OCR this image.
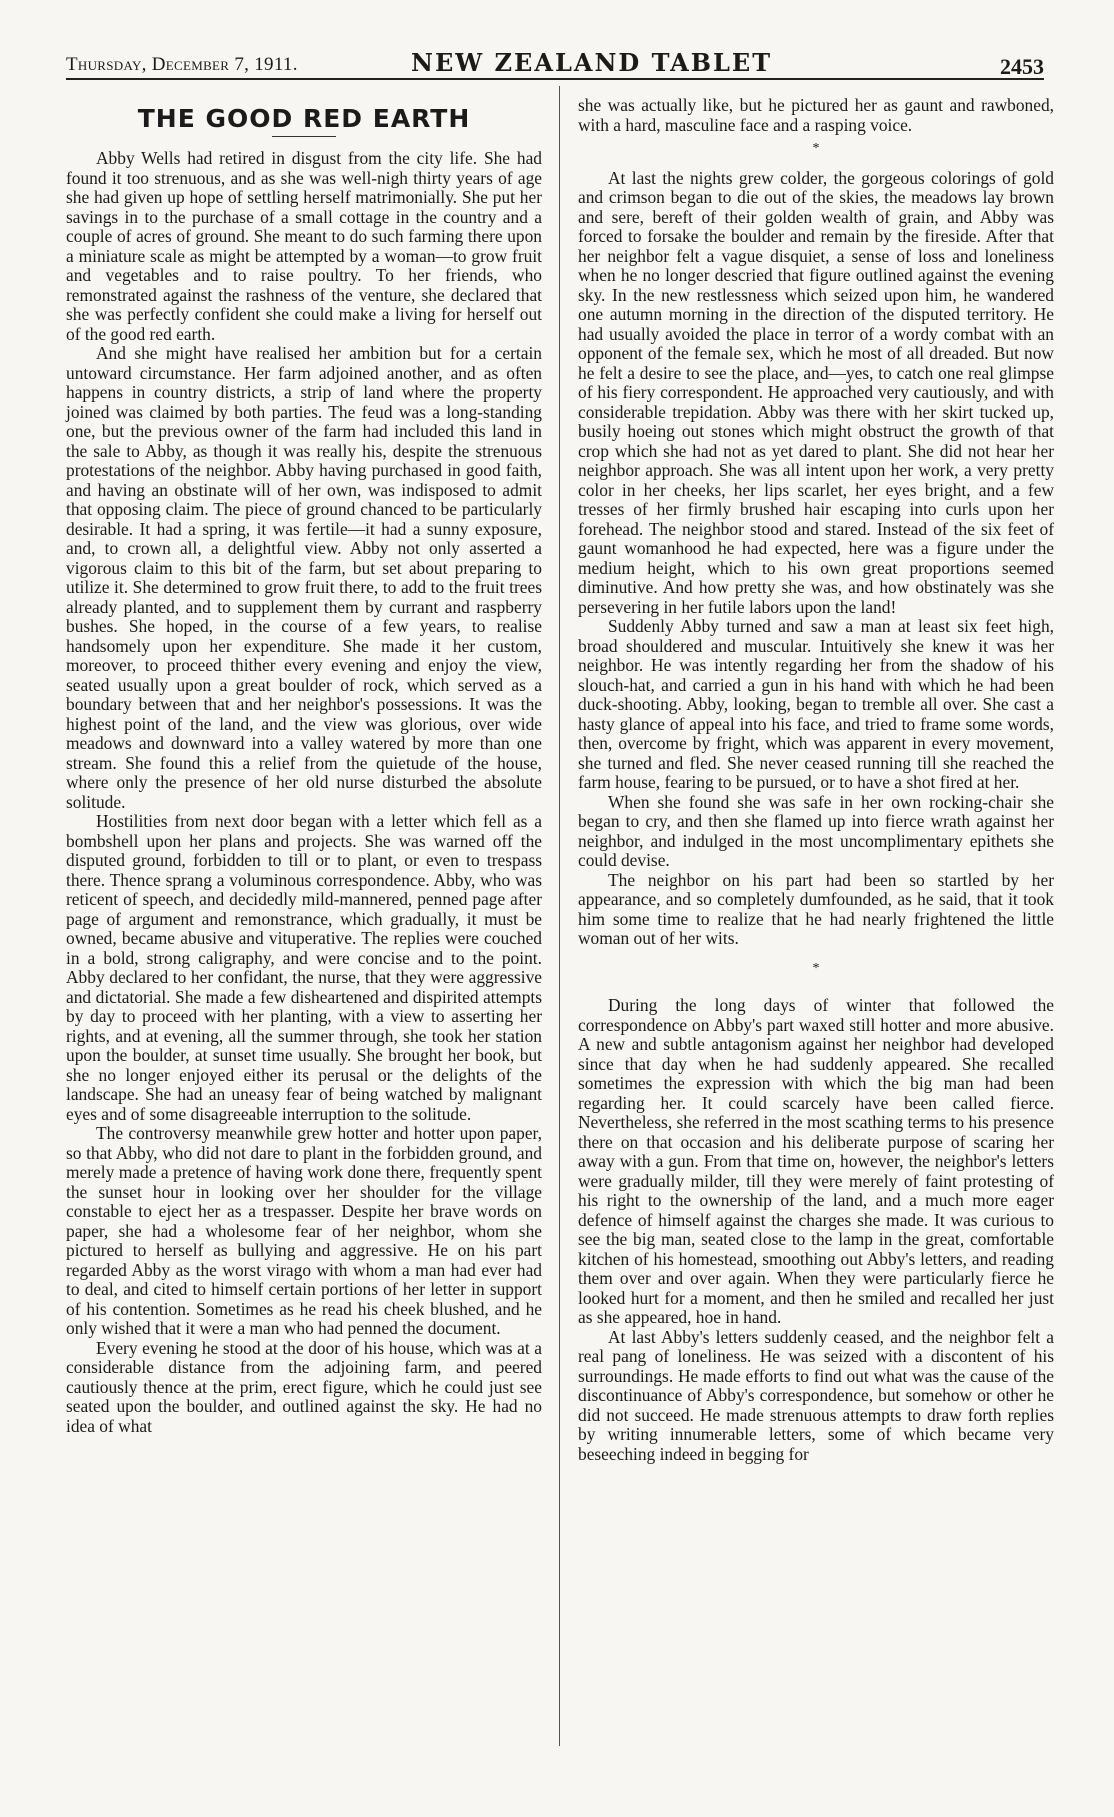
Thursday, December 7, 1911.	NEW ZEALAND TABLET	2453
THE GOOD RED EARTH

Abby Wells had retired in disgust from the city life. She had found it too strenuous, and as she was well-nigh thirty years of age she had given up hope of settling herself matrimonially. She put her savings in to the purchase of a small cottage in the country and a couple of acres of ground. She meant to do such farming there upon a miniature scale as might be attempted by a woman—to grow fruit and vegetables and to raise poultry. To her friends, who remonstrated against the rashness of the venture, she declared that she was perfectly confident she could make a living for herself out of the good red earth.

And she might have realised her ambition but for a certain untoward circumstance. Her farm adjoined another, and as often happens in country districts, a strip of land where the property joined was claimed by both parties. The feud was a long-standing one, but the previous owner of the farm had included this land in the sale to Abby, as though it was really his, despite the strenuous protestations of the neighbor. Abby having purchased in good faith, and having an obstinate will of her own, was indisposed to admit that opposing claim. The piece of ground chanced to be particularly desirable. It had a spring, it was fertile—it had a sunny exposure, and, to crown all, a delightful view. Abby not only asserted a vigorous claim to this bit of the farm, but set about preparing to utilize it. She determined to grow fruit there, to add to the fruit trees already planted, and to supplement them by currant and raspberry bushes. She hoped, in the course of a few years, to realise handsomely upon her expenditure. She made it her custom, moreover, to proceed thither every evening and enjoy the view, seated usually upon a great boulder of rock, which served as a boundary between that and her neighbor's possessions. It was the highest point of the land, and the view was glorious, over wide meadows and downward into a valley watered by more than one stream. She found this a relief from the quietude of the house, where only the presence of her old nurse disturbed the absolute solitude.

Hostilities from next door began with a letter which fell as a bombshell upon her plans and projects. She was warned off the disputed ground, forbidden to till or to plant, or even to trespass there. Thence sprang a voluminous correspondence. Abby, who was reticent of speech, and decidedly mild-mannered, penned page after page of argument and remonstrance, which gradually, it must be owned, became abusive and vituperative. The replies were couched in a bold, strong caligraphy, and were concise and to the point. Abby declared to her confidant, the nurse, that they were aggressive and dictatorial. She made a few disheartened and dispirited attempts by day to proceed with her planting, with a view to asserting her rights, and at evening, all the summer through, she took her station upon the boulder, at sunset time usually. She brought her book, but she no longer enjoyed either its perusal or the delights of the landscape. She had an uneasy fear of being watched by malignant eyes and of some disagreeable interruption to the solitude.

The controversy meanwhile grew hotter and hotter upon paper, so that Abby, who did not dare to plant in the forbidden ground, and merely made a pretence of having work done there, frequently spent the sunset hour in looking over her shoulder for the village constable to eject her as a trespasser. Despite her brave words on paper, she had a wholesome fear of her neighbor, whom she pictured to herself as bullying and aggressive. He on his part regarded Abby as the worst virago with whom a man had ever had to deal, and cited to himself certain portions of her letter in support of his contention. Sometimes as he read his cheek blushed, and he only wished that it were a man who had penned the document.

Every evening he stood at the door of his house, which was at a considerable distance from the adjoining farm, and peered cautiously thence at the prim, erect figure, which he could just see seated upon the boulder, and outlined against the sky. He had no idea of what

she was actually like, but he pictured her as gaunt and rawboned, with a hard, masculine face and a rasping voice.

*

At last the nights grew colder, the gorgeous colorings of gold and crimson began to die out of the skies, the meadows lay brown and sere, bereft of their golden wealth of grain, and Abby was forced to forsake the boulder and remain by the fireside. After that her neighbor felt a vague disquiet, a sense of loss and loneliness when he no longer descried that figure outlined against the evening sky. In the new restlessness which seized upon him, he wandered one autumn morning in the direction of the disputed territory. He had usually avoided the place in terror of a wordy combat with an opponent of the female sex, which he most of all dreaded. But now he felt a desire to see the place, and—yes, to catch one real glimpse of his fiery correspondent. He approached very cautiously, and with considerable trepidation. Abby was there with her skirt tucked up, busily hoeing out stones which might obstruct the growth of that crop which she had not as yet dared to plant. She did not hear her neighbor approach. She was all intent upon her work, a very pretty color in her cheeks, her lips scarlet, her eyes bright, and a few tresses of her firmly brushed hair escaping into curls upon her forehead. The neighbor stood and stared. Instead of the six feet of gaunt womanhood he had expected, here was a figure under the medium height, which to his own great proportions seemed diminutive. And how pretty she was, and how obstinately was she persevering in her futile labors upon the land!

Suddenly Abby turned and saw a man at least six feet high, broad shouldered and muscular. Intuitively she knew it was her neighbor. He was intently regarding her from the shadow of his slouch-hat, and carried a gun in his hand with which he had been duck-shooting. Abby, looking, began to tremble all over. She cast a hasty glance of appeal into his face, and tried to frame some words, then, overcome by fright, which was apparent in every movement, she turned and fled. She never ceased running till she reached the farm house, fearing to be pursued, or to have a shot fired at her.

When she found she was safe in her own rocking-chair she began to cry, and then she flamed up into fierce wrath against her neighbor, and indulged in the most uncomplimentary epithets she could devise.

The neighbor on his part had been so startled by her appearance, and so completely dumfounded, as he said, that it took him some time to realize that he had nearly frightened the little woman out of her wits.

*

During the long days of winter that followed the correspondence on Abby's part waxed still hotter and more abusive. A new and subtle antagonism against her neighbor had developed since that day when he had suddenly appeared. She recalled sometimes the expression with which the big man had been regarding her. It could scarcely have been called fierce. Nevertheless, she referred in the most scathing terms to his presence there on that occasion and his deliberate purpose of scaring her away with a gun. From that time on, however, the neighbor's letters were gradually milder, till they were merely of faint protesting of his right to the ownership of the land, and a much more eager defence of himself against the charges she made. It was curious to see the big man, seated close to the lamp in the great, comfortable kitchen of his homestead, smoothing out Abby's letters, and reading them over and over again. When they were particularly fierce he looked hurt for a moment, and then he smiled and recalled her just as she appeared, hoe in hand.

At last Abby's letters suddenly ceased, and the neighbor felt a real pang of loneliness. He was seized with a discontent of his surroundings. He made efforts to find out what was the cause of the discontinuance of Abby's correspondence, but somehow or other he did not succeed. He made strenuous attempts to draw forth replies by writing innumerable letters, some of which became very beseeching indeed in begging for
